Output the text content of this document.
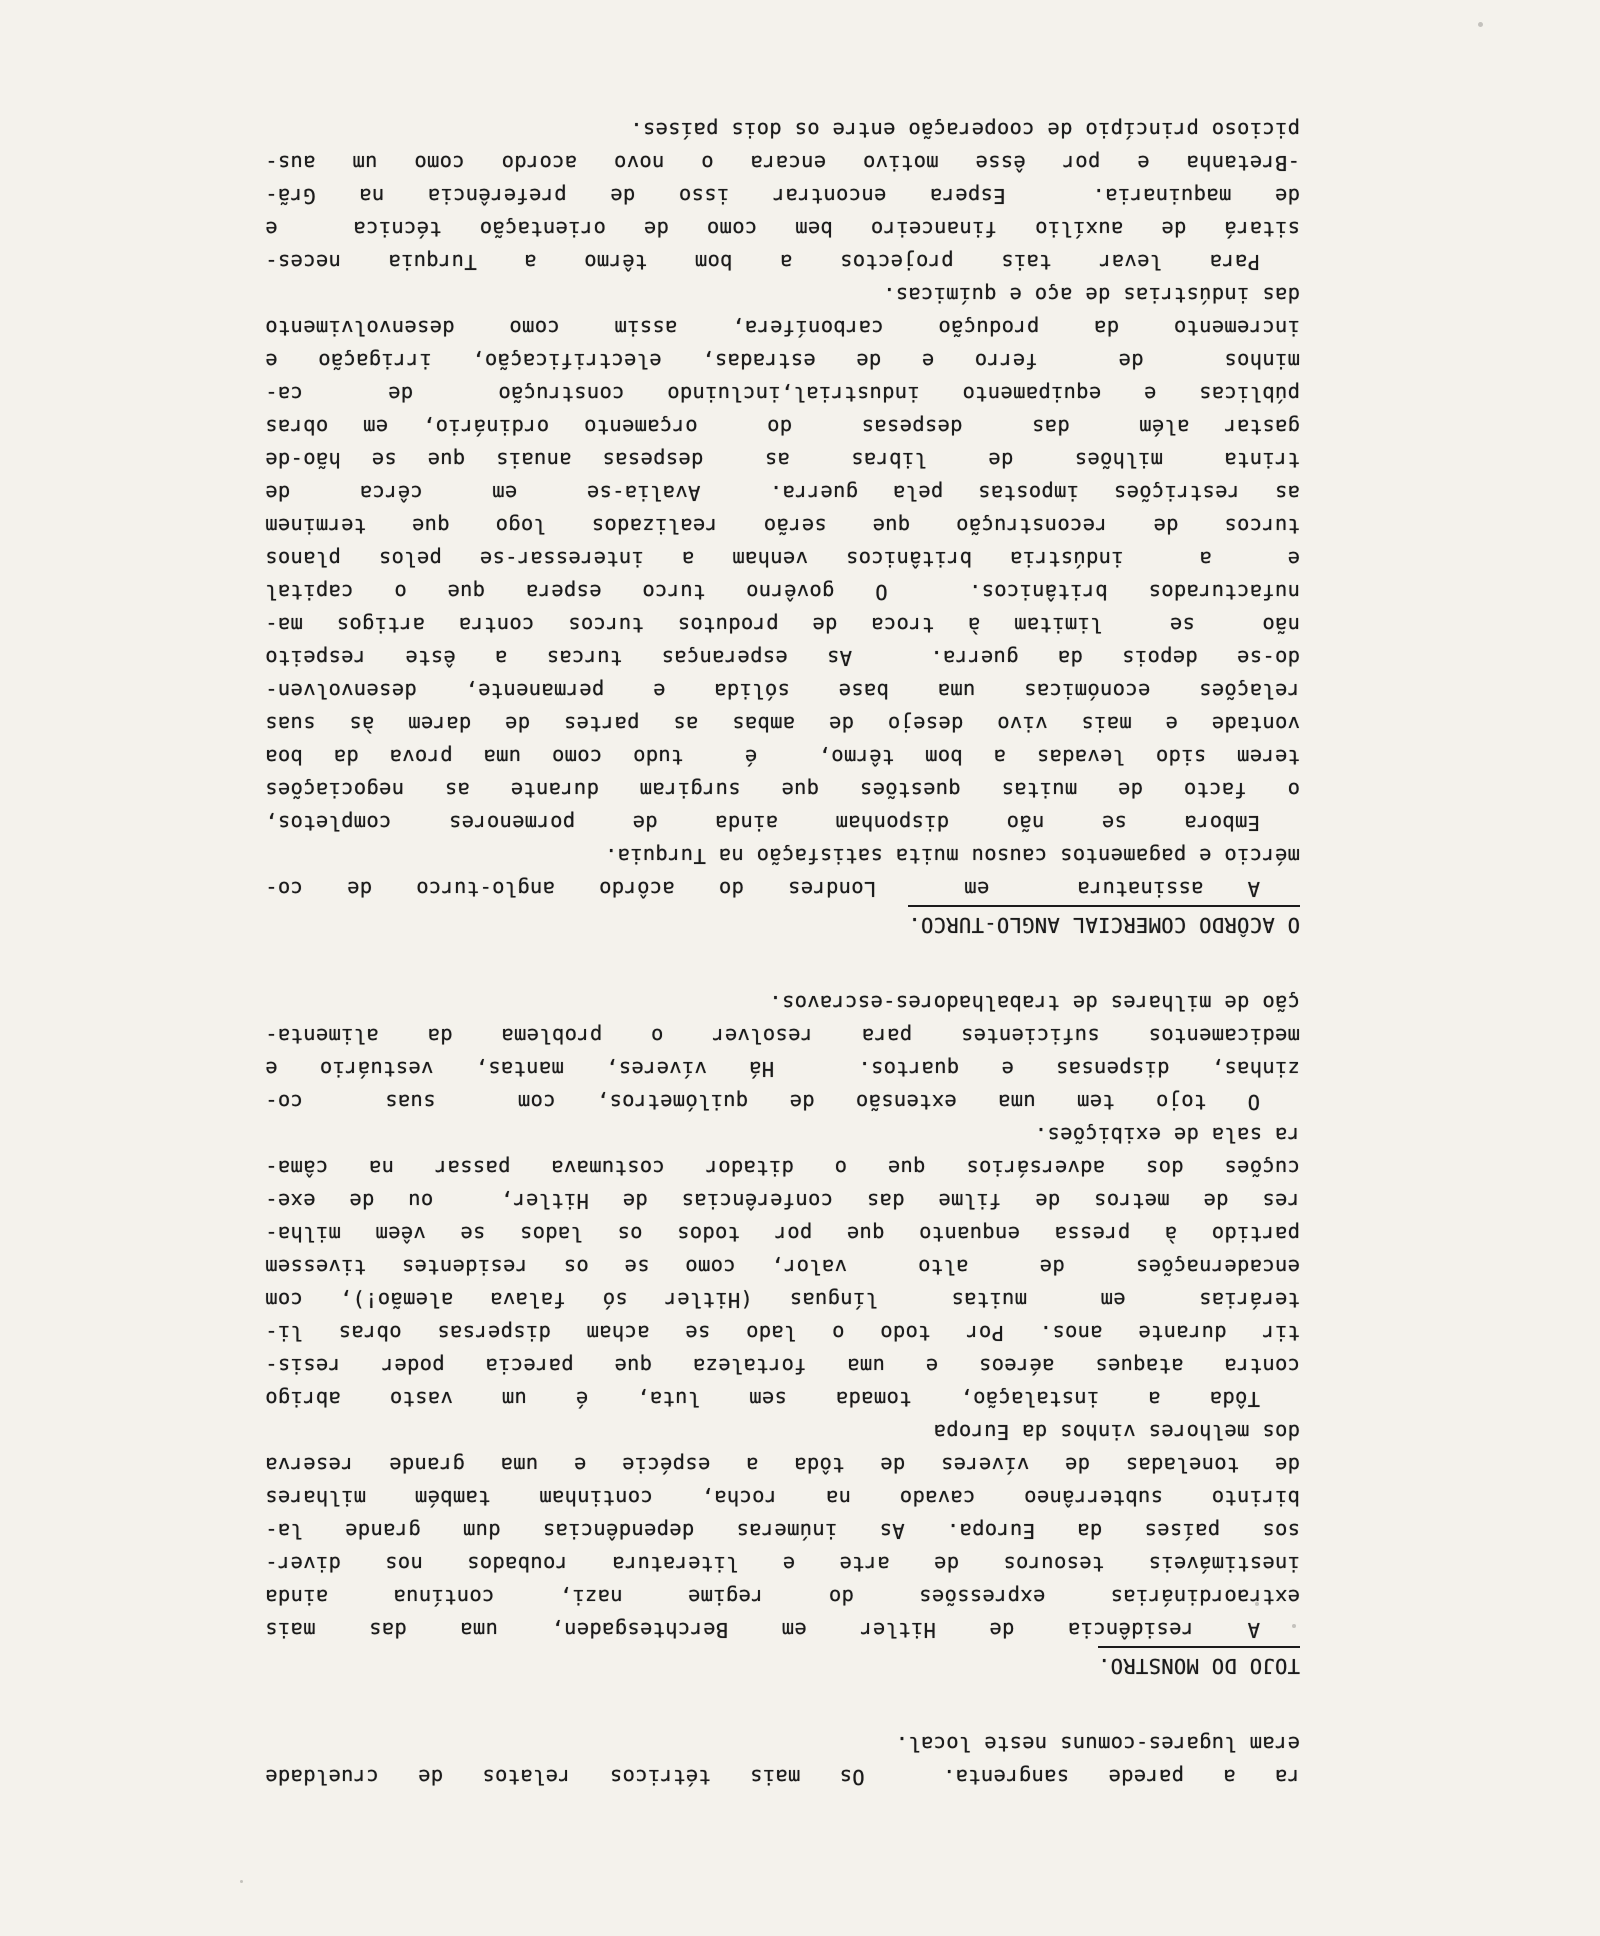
ra a parede sangrenta.  Os mais tétricos relatos de crueldade
eram lugares-comuns neste local.
TOJO DO MONSTRO.
A residência de Hitler em Berchtesgaden, uma das mais
extraordinárias expressões do regime nazi, contínua ainda
inestimáveis tesouros de arte e literatura roubados nos diver-
sos países da Europa. As inúmeras dependências dum grande la-
birinto subterrâneo cavado na rocha, continham também milhares
de toneladas de víveres de tôda a espécie e uma grande reserva
dos melhores vinhos da Europa
Tôda a instalação, tomada sem luta, é um vasto abrigo
contra ataques aéreos e uma fortaleza que parecia poder resis-
tir durante anos. Por todo o lado se acham dispersas obras li-
terárias  em  muitas  línguas (Hitler só falava alemão!), com
encadernações  de  alto  valor, como se os residentes tivessem
partido à pressa enquanto que por todos os lados se vêem milha-
res de metros de filme das conferências de Hitler,  ou de exe-
cuções dos adversários que o ditador costumava passar na câma-
ra sala de exibições.
O tojo tem uma extensão de quilómetros, com  suas  co-
zinhas, dispensas e quartos.  Há víveres, mantas, vestuário e
medicamentos suficientes para resolver o problema da alimenta-
ção de milhares de trabalhadores-escravos.
O ACÔRDO COMERCIAL ANGLO-TURCO.
A assinatura  em  Londres do acôrdo anglo-turco de co-
mércio e pagamentos causou muita satisfação na Turquia.
Embora se não disponham ainda de pormenores completos,
o facto de muitas questões que surgiram durante as negociações
terem sido levadas a bom têrmo,  é  tudo como uma prova da boa
vontade e mais vivo desejo de ambas as partes de darem às suas
relações económicas uma base sólida e permanente, desenvolven-
do-se depois da guerra.  As esperanças turcas a êste respeito
não  se  limitam à troca de produtos turcos contra artigos ma-
nufacturados britânicos.  O govêrno turco espera que o capital
e  a  indústria britânicos venham a interessar-se pelos planos
turcos de reconstrução que serão realizados logo que terminem
as restrições impostas pela guerra.  Avalia-se  em  cêrca  de
trinta  milhões  de  libras  as  despesas anuais que se hão-de
gastar além  das  despesas  do  orçamento ordinário, em obras
públicas e equipamento industrial,incluindo construção  de  ca-
minhos  de  ferro e de estradas, electrificação, irrigação e
incremento da produção carbonífera, assim como desenvolvimento
das indústrias de aço e químicas.
Para levar tais projectos a bom têrmo a Turquia neces-
sitará de auxílio financeiro bem como de orientação técnica  e
de maquinaria.  Espera encontrar isso de preferência na Grã-
-Bretanha e por êsse motivo encara o novo acordo como um aus-
picioso princípio de cooperação entre os dois países.
